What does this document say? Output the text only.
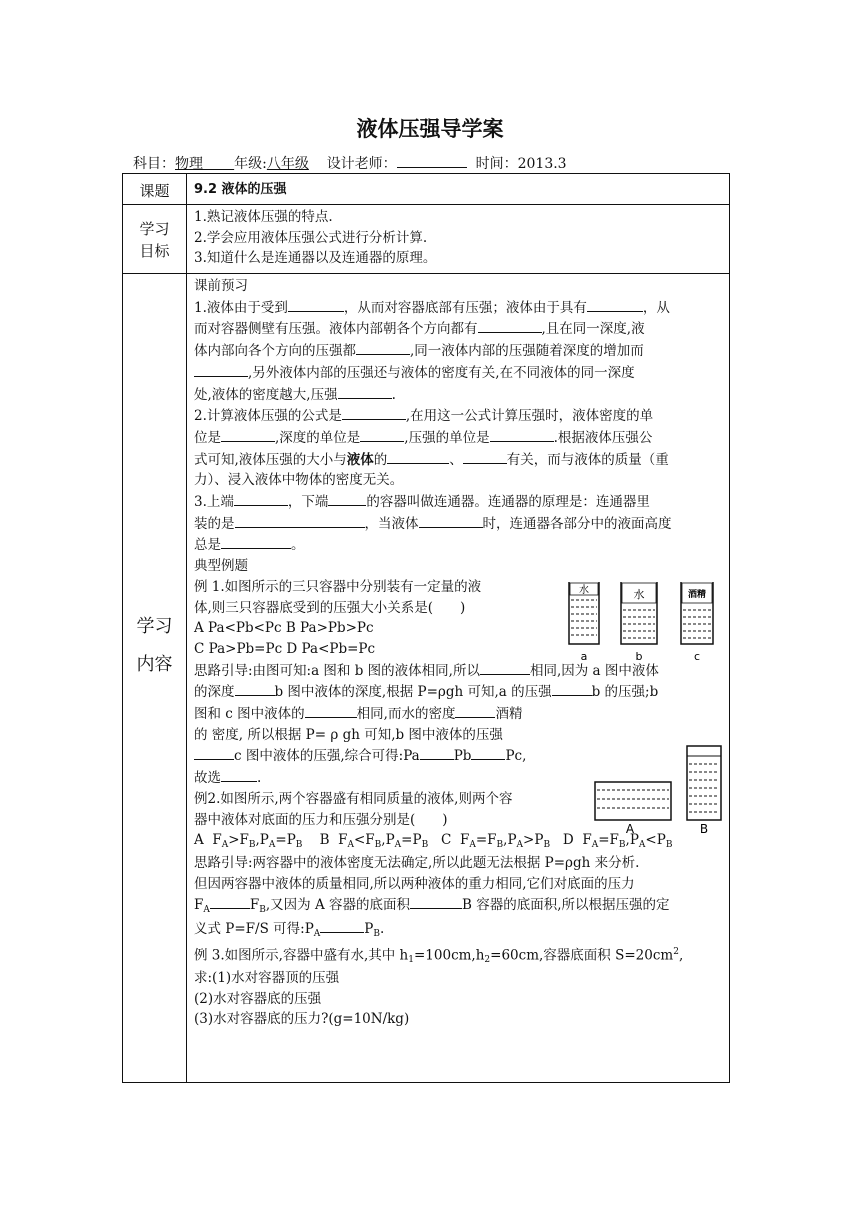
液体压强导学案
科目：物理 年级:八年级 设计老师：	时间：2013.3
课题	9.2 液体的压强
学习
目标

1.熟记液体压强的特点.

2.学会应用液体压强公式进行分析计算.

3.知道什么是连通器以及连通器的原理。

学习
内容

课前预习

1.液体由于受到	，从而对容器底部有压强；液体由于具有	，从
而对容器侧壁有压强。液体内部朝各个方向都有	,且在同一深度,液
体内部向各个方向的压强都	,同一液体内部的压强随着深度的增加而
,另外液体内部的压强还与液体的密度有关,在不同液体的同一深度
处,液体的密度越大,压强	.

2.计算液体压强的公式是	,在用这一公式计算压强时，液体密度的单
位是	,深度的单位是	,压强的单位是	.根据液体压强公
式可知,液体压强的大小与液体的	、	有关，而与液体的质量（重
力）、浸入液体中物体的密度无关。

3.上端	，下端	的容器叫做连通器。连通器的原理是：连通器里
装的是	，当液体	时，连通器各部分中的液面高度
总是	。

典型例题

例 1.如图所示的三只容器中分别装有一定量的液
体,则三只容器底受到的压强大小关系是(　　)
A Pa<Pb<Pc B Pa>Pb>Pc
C Pa>Pb=Pc D Pa<Pb=Pc

思路引导:由图可知:a 图和 b 图的液体相同,所以	相同,因为 a 图中液体
的深度	b 图中液体的深度,根据 P=ρgh 可知,a 的压强	b 的压强;b
图和 c 图中液体的	相同,而水的密度	酒精
的 密度, 所以根据 P= ρ gh 可知,b 图中液体的压强
c 图中液体的压强,综合可得:Pa	Pb	Pc,
故选	.

例2.如图所示,两个容器盛有相同质量的液体,则两个容
器中液体对底面的压力和压强分别是(　　)

A  $F_A>F_B,P_A=P_B$    B  $F_A<F_B,P_A=P_B$   C  $F_A=F_B,P_A>P_B$   D  $F_A=F_B,P_A<P_B$

思路引导:两容器中的液体密度无法确定,所以此题无法根据 P=ρgh 来分析.
但因两容器中液体的质量相同,所以两种液体的重力相同,它们对底面的压力
$F_A$	$F_B$,又因为 A 容器的底面积	B 容器的底面积,所以根据压强的定
义式 P=F/S 可得$:P_A$	$P_B$.

例 3.如图所示,容器中盛有水,其中 $h_1=100cm,h_2=60cm$,容器底面积 $S=20cm^2$,
求:(1)水对容器顶的压强
(2)水对容器底的压强
(3)水对容器底的压力?(g=10N/kg)

水
a
水
b
酒精
c
A	B
